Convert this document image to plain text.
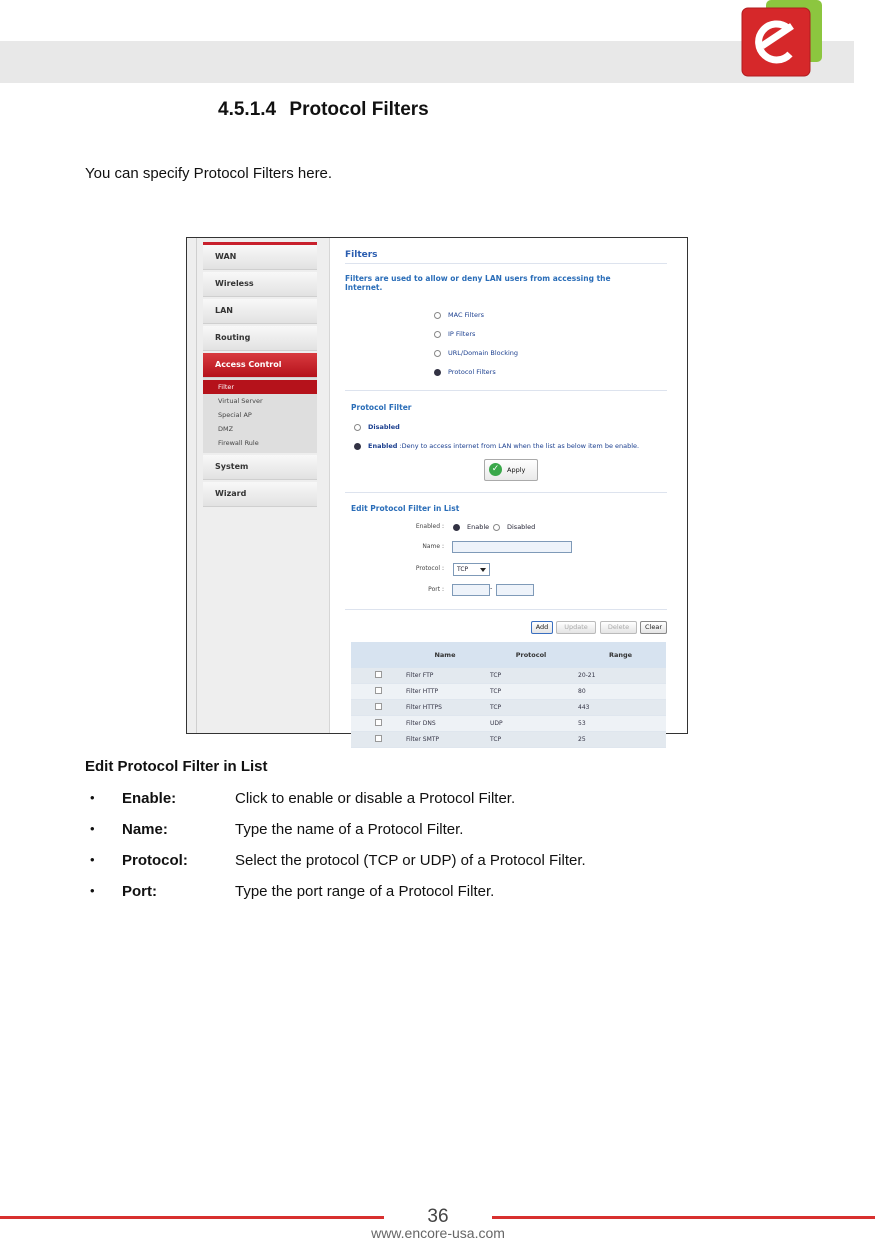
4.5.1.4 Protocol Filters
You can specify Protocol Filters here.
WAN
Wireless
LAN
Routing
Access Control
Filter
Virtual Server
Special AP
DMZ
Firewall Rule
System
Wizard
Filters
Filters are used to allow or deny LAN users from accessing the Internet.
MAC Filters
IP Filters
URL/Domain Blocking
Protocol Filters
Protocol Filter
Disabled
Enabled :Deny to access internet from LAN when the list as below item be enable.
✓	Apply
Edit Protocol Filter in List
Enabled :	Enable	Disabled
Name :
Protocol :	TCP
Port :	-
Add	Update	Delete	Clear
	Name	Protocol	Range
	Filter FTP	TCP	20-21
	Filter HTTP	TCP	80
	Filter HTTPS	TCP	443
	Filter DNS	UDP	53
	Filter SMTP	TCP	25
Edit Protocol Filter in List
• Enable:	Click to enable or disable a Protocol Filter.
• Name:	Type the name of a Protocol Filter.
• Protocol:	Select the protocol (TCP or UDP) of a Protocol Filter.
• Port:	Type the port range of a Protocol Filter.
36
www.encore-usa.com
